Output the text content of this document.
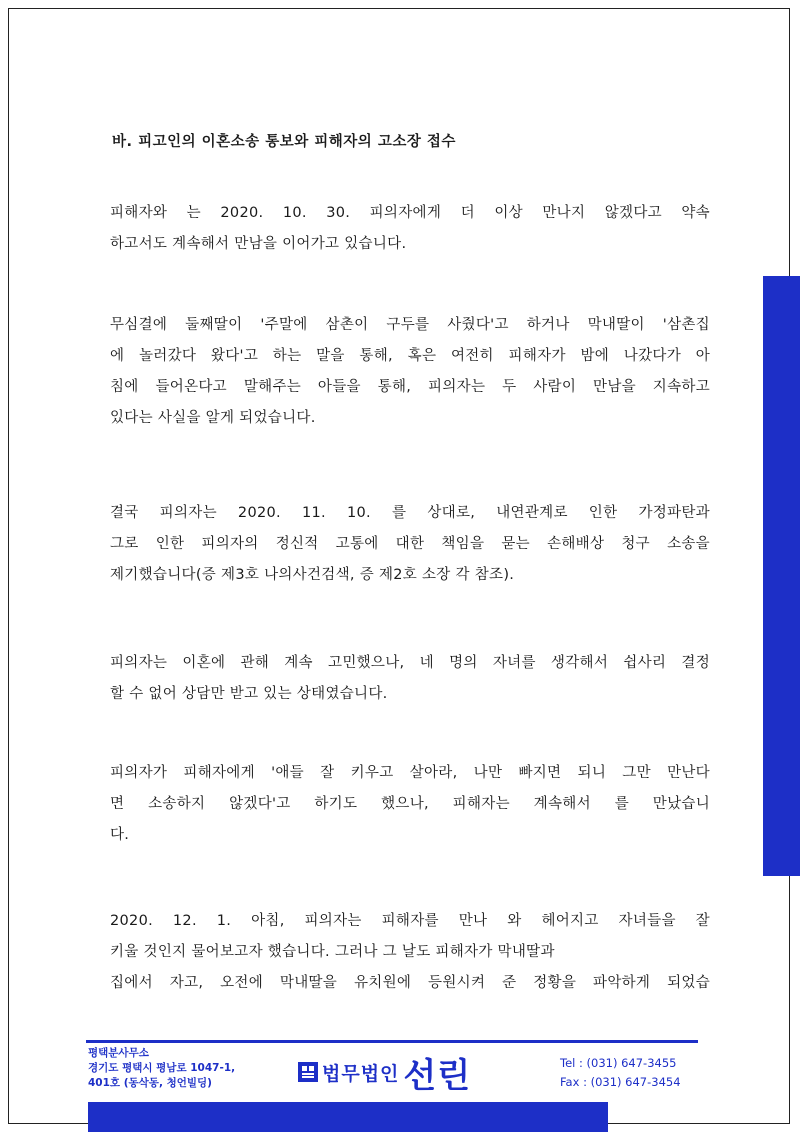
바. 피고인의 이혼소송 통보와 피해자의 고소장 접수
피해자와 는 2020. 10. 30. 피의자에게 더 이상 만나지 않겠다고 약속
하고서도 계속해서 만남을 이어가고 있습니다.
무심결에 둘째딸이 '주말에 삼촌이 구두를 사줬다'고 하거나 막내딸이 '삼촌집
에 놀러갔다 왔다'고 하는 말을 통해, 혹은 여전히 피해자가 밤에 나갔다가 아
침에 들어온다고 말해주는 아들을 통해, 피의자는 두 사람이 만남을 지속하고
있다는 사실을 알게 되었습니다.
결국 피의자는 2020. 11. 10. 를 상대로, 내연관계로 인한 가정파탄과
그로 인한 피의자의 정신적 고통에 대한 책임을 묻는 손해배상 청구 소송을
제기했습니다(증 제3호 나의사건검색, 증 제2호 소장 각 참조).
피의자는 이혼에 관해 계속 고민했으나, 네 명의 자녀를 생각해서 쉽사리 결정
할 수 없어 상담만 받고 있는 상태였습니다.
피의자가 피해자에게 '애들 잘 키우고 살아라, 나만 빠지면 되니 그만 만난다
면 소송하지 않겠다'고 하기도 했으나, 피해자는 계속해서 를 만났습니
다.
2020. 12. 1. 아침, 피의자는 피해자를 만나 와 헤어지고 자녀들을 잘
키울 것인지 물어보고자 했습니다. 그러나 그 날도 피해자가 막내딸과
집에서 자고, 오전에 막내딸을 유치원에 등원시켜 준 정황을 파악하게 되었습
평택분사무소
경기도 평택시 평남로 1047-1,
401호 (동삭동, 청언빌딩)	법무법인 선린	Tel : (031) 647-3455
Fax : (031) 647-3454
